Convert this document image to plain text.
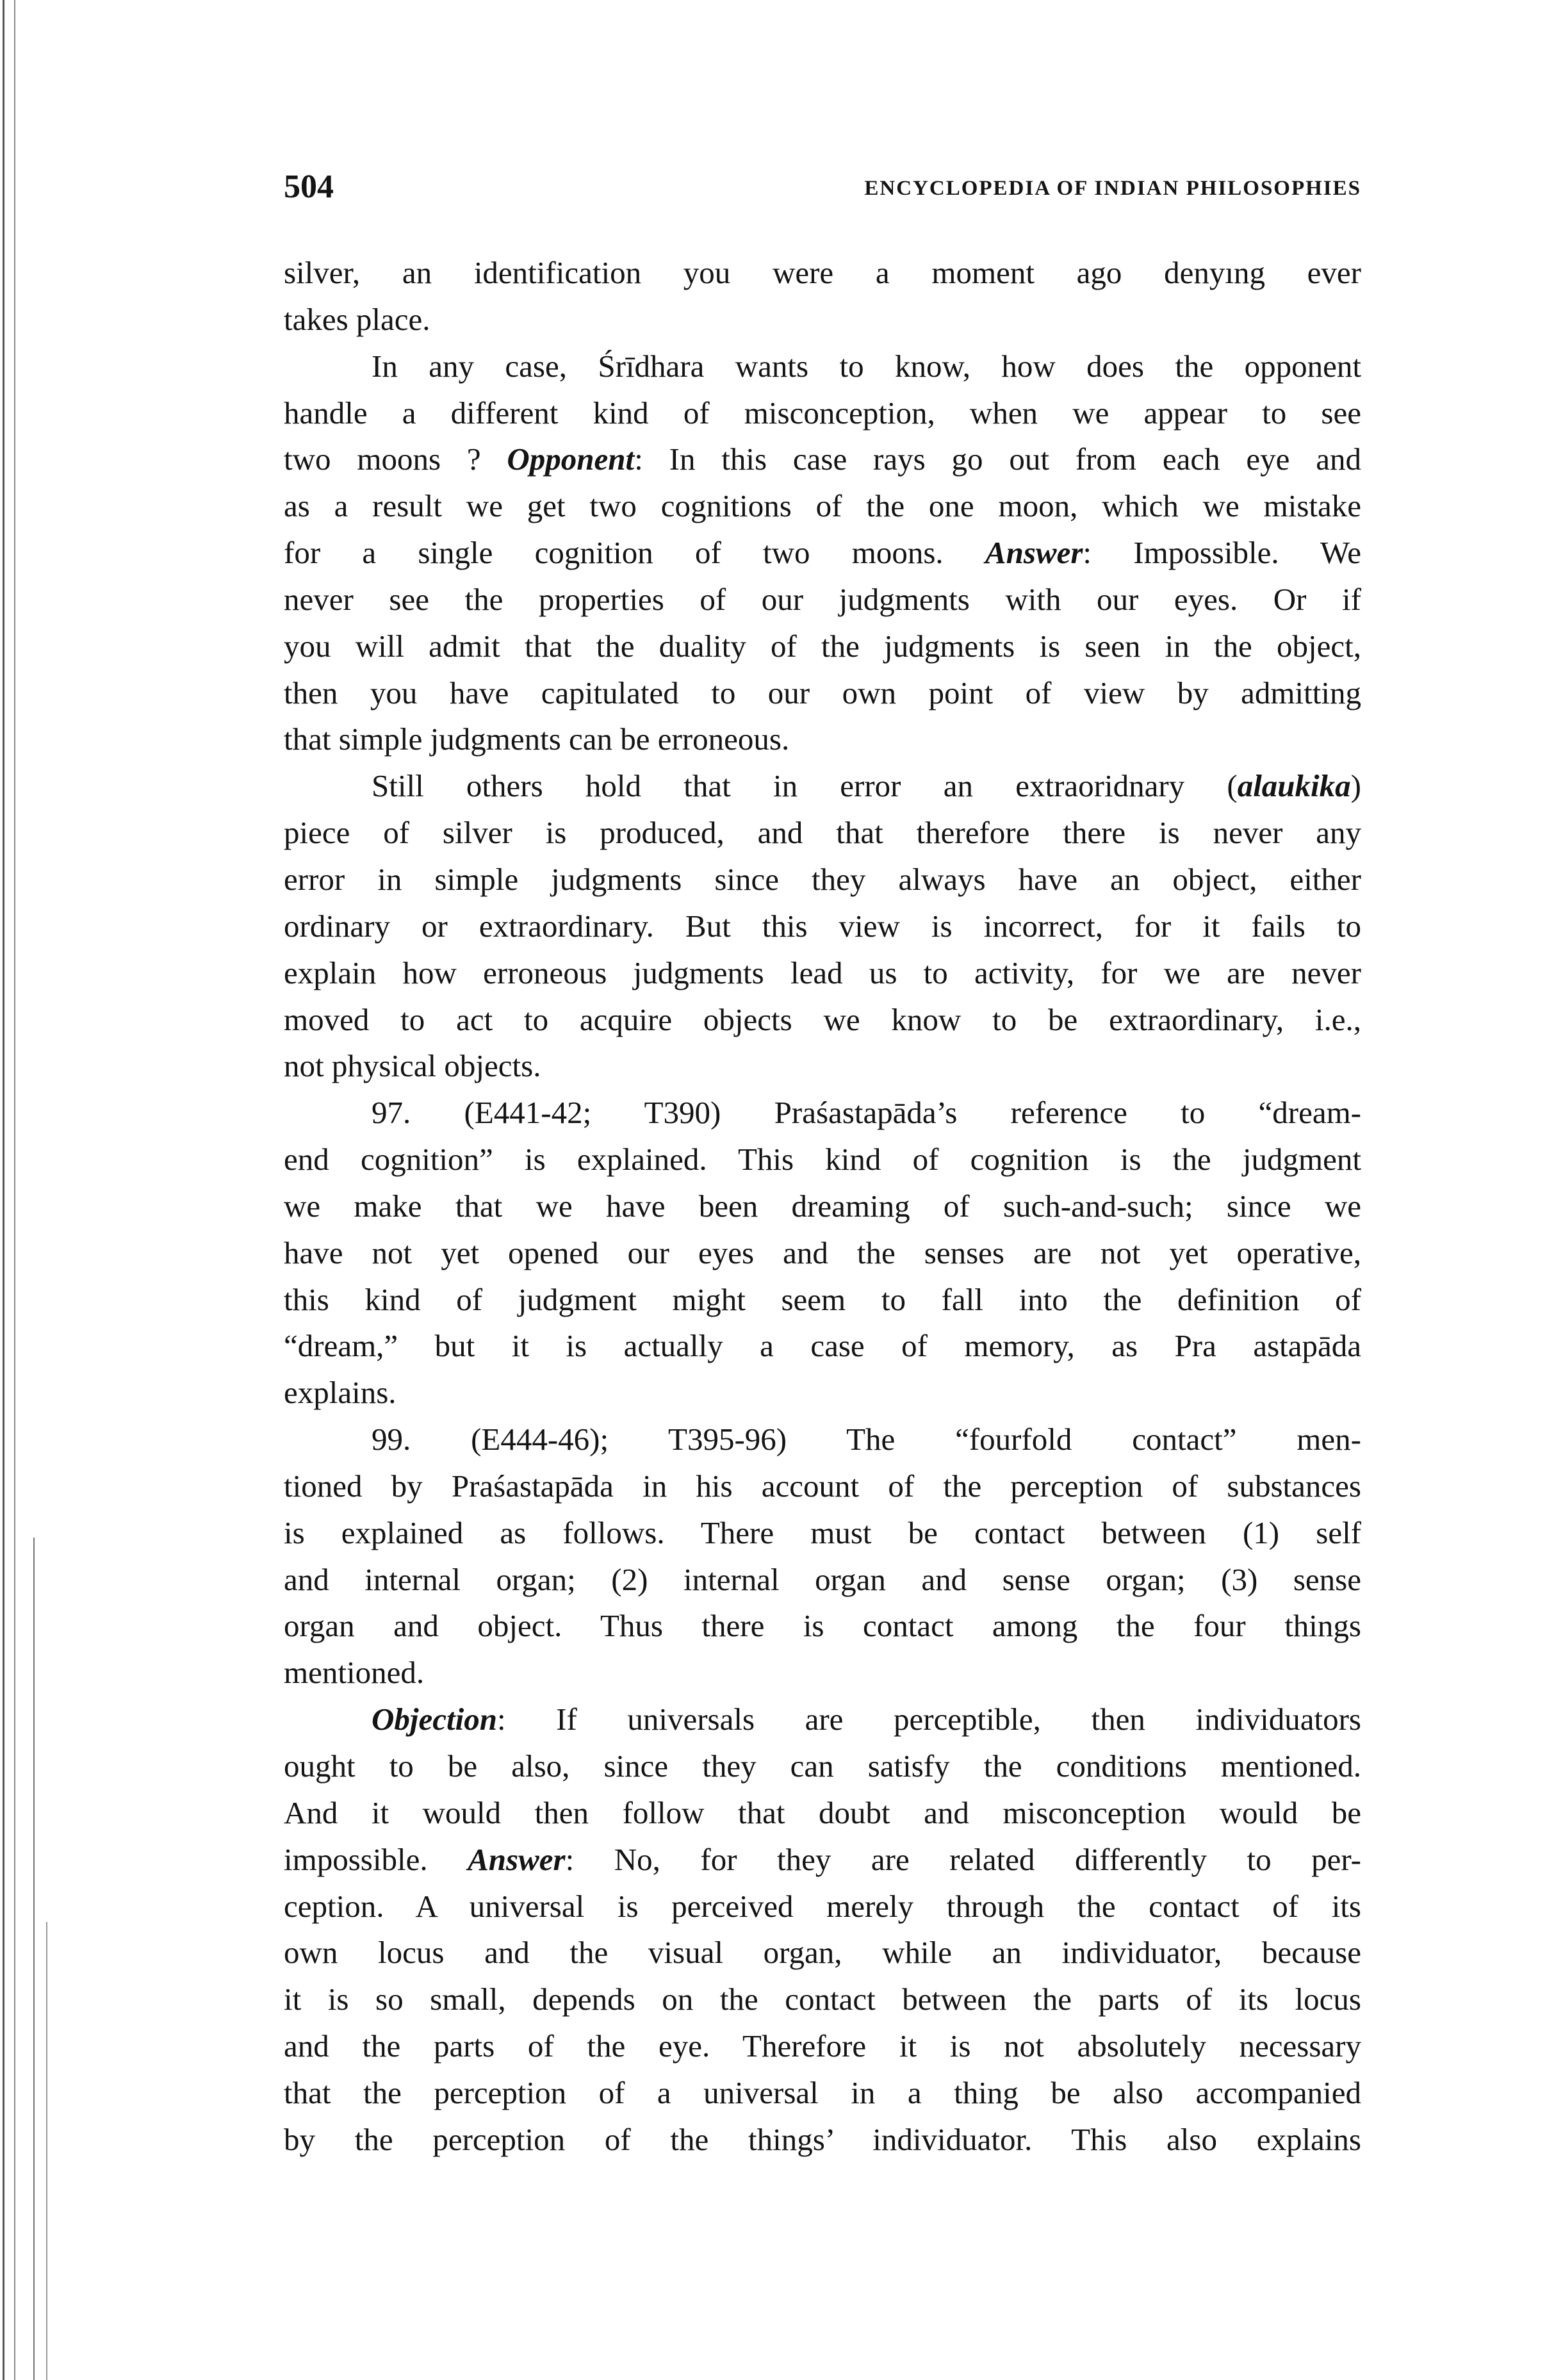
504	ENCYCLOPEDIA OF INDIAN PHILOSOPHIES
silver, an identification you were a moment ago denyıng ever
takes place.
In any case, Śrīdhara wants to know, how does the opponent
handle a different kind of misconception, when we appear to see
two moons ? Opponent: In this case rays go out from each eye and
as a result we get two cognitions of the one moon, which we mistake
for a single cognition of two moons. Answer: Impossible. We
never see the properties of our judgments with our eyes. Or if
you will admit that the duality of the judgments is seen in the object,
then you have capitulated to our own point of view by admitting
that simple judgments can be erroneous.
Still others hold that in error an extraoridnary (alaukika)
piece of silver is produced, and that therefore there is never any
error in simple judgments since they always have an object, either
ordinary or extraordinary. But this view is incorrect, for it fails to
explain how erroneous judgments lead us to activity, for we are never
moved to act to acquire objects we know to be extraordinary, i.e.,
not physical objects.
97. (E441-42; T390) Praśastapāda’s reference to “dream-
end cognition” is explained. This kind of cognition is the judgment
we make that we have been dreaming of such-and-such; since we
have not yet opened our eyes and the senses are not yet operative,
this kind of judgment might seem to fall into the definition of
“dream,” but it is actually a case of memory, as Pra astapāda
explains.
99. (E444-46); T395-96) The “fourfold contact” men-
tioned by Praśastapāda in his account of the perception of substances
is explained as follows. There must be contact between (1) self
and internal organ; (2) internal organ and sense organ; (3) sense
organ and object. Thus there is contact among the four things
mentioned.
Objection: If universals are perceptible, then individuators
ought to be also, since they can satisfy the conditions mentioned.
And it would then follow that doubt and misconception would be
impossible. Answer: No, for they are related differently to per-
ception. A universal is perceived merely through the contact of its
own locus and the visual organ, while an individuator, because
it is so small, depends on the contact between the parts of its locus
and the parts of the eye. Therefore it is not absolutely necessary
that the perception of a universal in a thing be also accompanied
by the perception of the things’ individuator. This also explains
